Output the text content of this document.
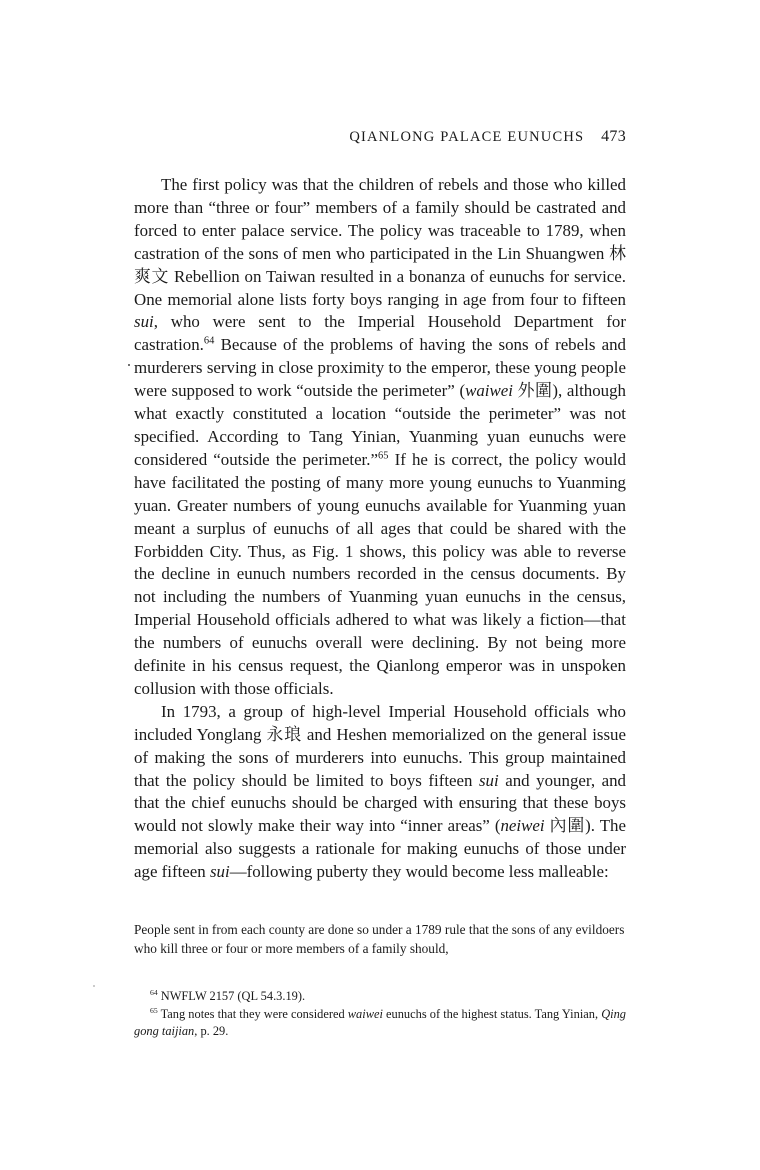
QIANLONG PALACE EUNUCHS 473

The first policy was that the children of rebels and those who killed more than “three or four” members of a family should be castrated and forced to enter palace service. The policy was traceable to 1789, when castration of the sons of men who participated in the Lin Shuangwen 林爽文 Rebellion on Taiwan resulted in a bonanza of eunuchs for service. One memorial alone lists forty boys ranging in age from four to fifteen sui, who were sent to the Imperial Household Department for castration.$^{64}$ Because of the problems of having the sons of rebels and murderers serving in close proximity to the emperor, these young people were supposed to work “outside the perimeter” (waiwei 外圍), although what exactly constituted a location “outside the perimeter” was not specified. According to Tang Yinian, Yuanming yuan eunuchs were considered “outside the perimeter.”$^{65}$ If he is correct, the policy would have facilitated the posting of many more young eunuchs to Yuanming yuan. Greater numbers of young eunuchs available for Yuanming yuan meant a surplus of eunuchs of all ages that could be shared with the Forbidden City. Thus, as Fig. 1 shows, this policy was able to reverse the decline in eunuch numbers recorded in the census documents. By not including the numbers of Yuanming yuan eunuchs in the census, Imperial Household officials adhered to what was likely a fiction—that the numbers of eunuchs overall were declining. By not being more definite in his census request, the Qianlong emperor was in unspoken collusion with those officials.

In 1793, a group of high-level Imperial Household officials who included Yonglang 永琅 and Heshen memorialized on the general issue of making the sons of murderers into eunuchs. This group maintained that the policy should be limited to boys fifteen sui and younger, and that the chief eunuchs should be charged with ensuring that these boys would not slowly make their way into “inner areas” (neiwei 內圍). The memorial also suggests a rationale for making eunuchs of those under age fifteen sui—following puberty they would become less malleable:

People sent in from each county are done so under a 1789 rule that the sons of any evildoers who kill three or four or more members of a family should,

$^{64}$ NWFLW 2157 (QL 54.3.19).

$^{65}$ Tang notes that they were considered waiwei eunuchs of the highest status. Tang Yinian, Qing gong taijian, p. 29.
